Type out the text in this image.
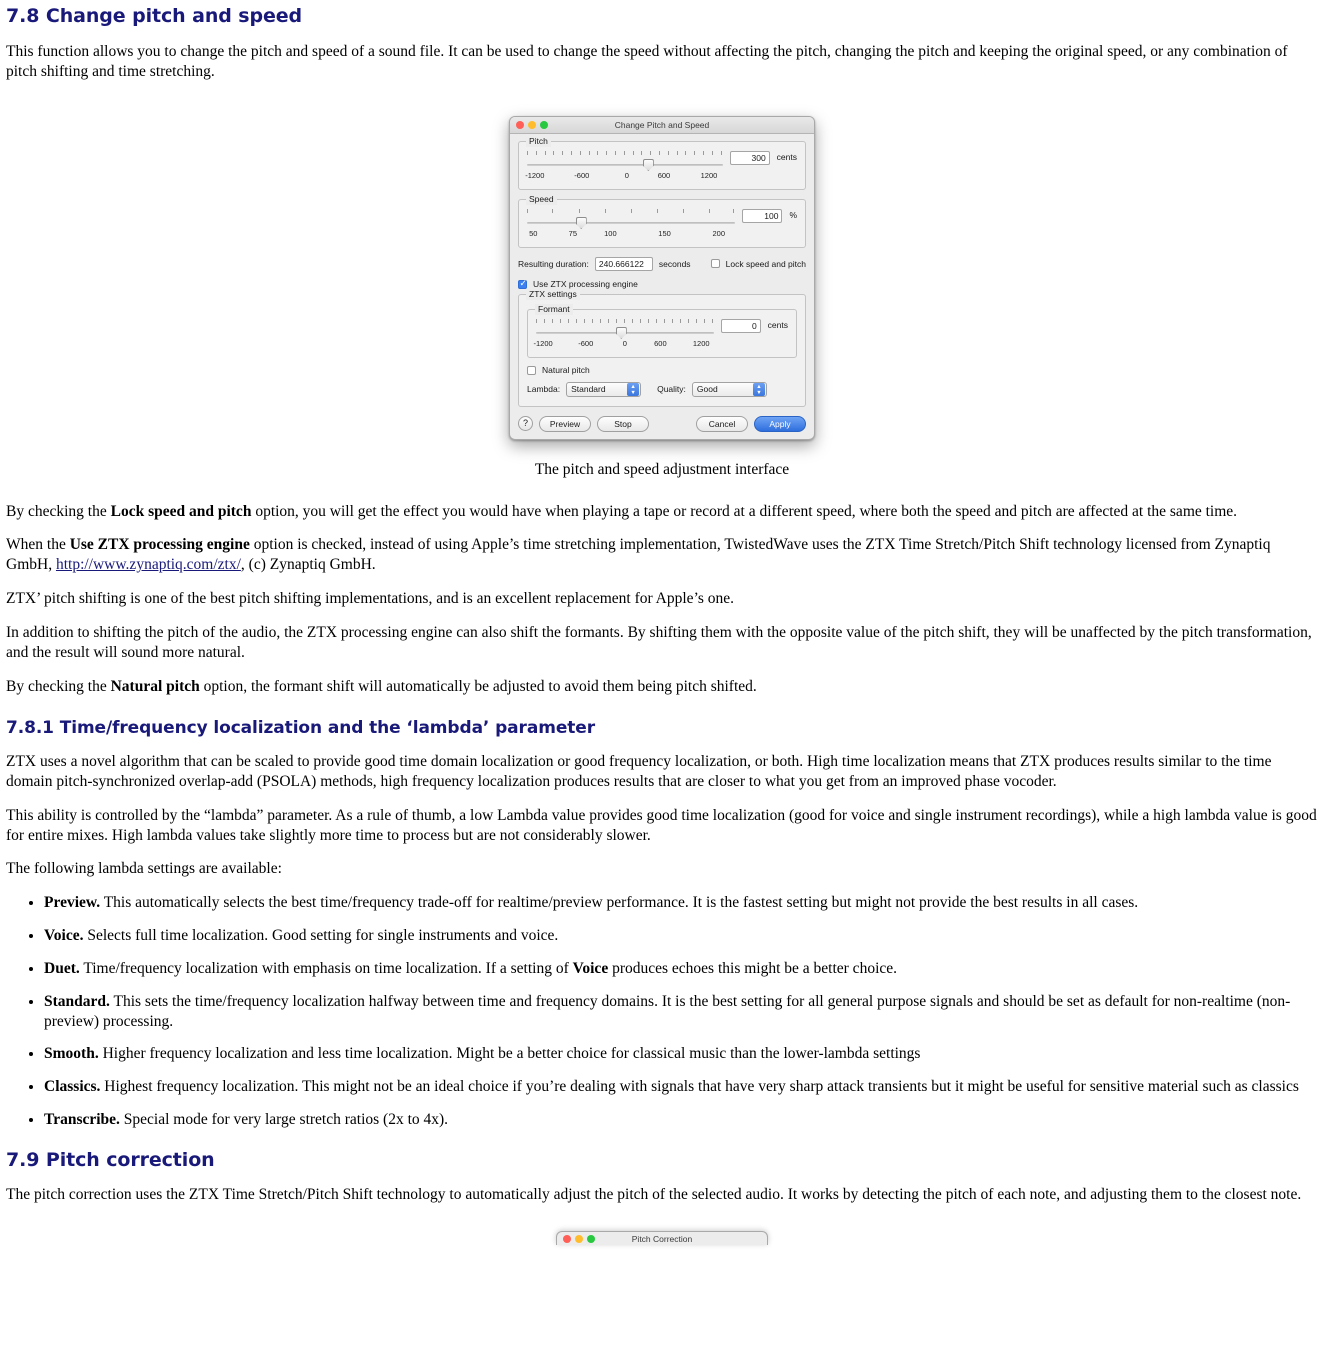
7.8 Change pitch and speed

This function allows you to change the pitch and speed of a sound file. It can be used to change the speed without affecting the pitch, changing the pitch and keeping the original speed, or any combination of pitch shifting and time stretching.

Change Pitch and Speed
Pitch
-1200	-600	0	600	1200
300	cents
Speed
50	75	100	150	200
100	%
Resulting duration:	240.666122	seconds	Lock speed and pitch
✓
Use ZTX processing engine
ZTX settings
Formant
-1200	-600	0	600	1200
0	cents
Natural pitch
Lambda: Standard	▲
▼	Quality: Good	▲
▼
?	Preview	Stop	Cancel	Apply

The pitch and speed adjustment interface

By checking the Lock speed and pitch option, you will get the effect you would have when playing a tape or record at a different speed, where both the speed and pitch are affected at the same time.

When the Use ZTX processing engine option is checked, instead of using Apple’s time stretching implementation, TwistedWave uses the ZTX Time Stretch/Pitch Shift technology licensed from Zynaptiq GmbH, http://www.zynaptiq.com/ztx/, (c) Zynaptiq GmbH.

ZTX’ pitch shifting is one of the best pitch shifting implementations, and is an excellent replacement for Apple’s one.

In addition to shifting the pitch of the audio, the ZTX processing engine can also shift the formants. By shifting them with the opposite value of the pitch shift, they will be unaffected by the pitch transformation, and the result will sound more natural.

By checking the Natural pitch option, the formant shift will automatically be adjusted to avoid them being pitch shifted.

7.8.1 Time/frequency localization and the ‘lambda’ parameter

ZTX uses a novel algorithm that can be scaled to provide good time domain localization or good frequency localization, or both. High time localization means that ZTX produces results similar to the time domain pitch-synchronized overlap-add (PSOLA) methods, high frequency localization produces results that are closer to what you get from an improved phase vocoder.

This ability is controlled by the “lambda” parameter. As a rule of thumb, a low Lambda value provides good time localization (good for voice and single instrument recordings), while a high lambda value is good for entire mixes. High lambda values take slightly more time to process but are not considerably slower.

The following lambda settings are available:

• Preview. This automatically selects the best time/frequency trade-off for realtime/preview performance. It is the fastest setting but might not provide the best results in all cases.
• Voice. Selects full time localization. Good setting for single instruments and voice.
• Duet. Time/frequency localization with emphasis on time localization. If a setting of Voice produces echoes this might be a better choice.
• Standard. This sets the time/frequency localization halfway between time and frequency domains. It is the best setting for all general purpose signals and should be set as default for non-realtime (non-preview) processing.
• Smooth. Higher frequency localization and less time localization. Might be a better choice for classical music than the lower-lambda settings
• Classics. Highest frequency localization. This might not be an ideal choice if you’re dealing with signals that have very sharp attack transients but it might be useful for sensitive material such as classics
• Transcribe. Special mode for very large stretch ratios (2x to 4x).
7.9 Pitch correction

The pitch correction uses the ZTX Time Stretch/Pitch Shift technology to automatically adjust the pitch of the selected audio. It works by detecting the pitch of each note, and adjusting them to the closest note.

Pitch Correction
